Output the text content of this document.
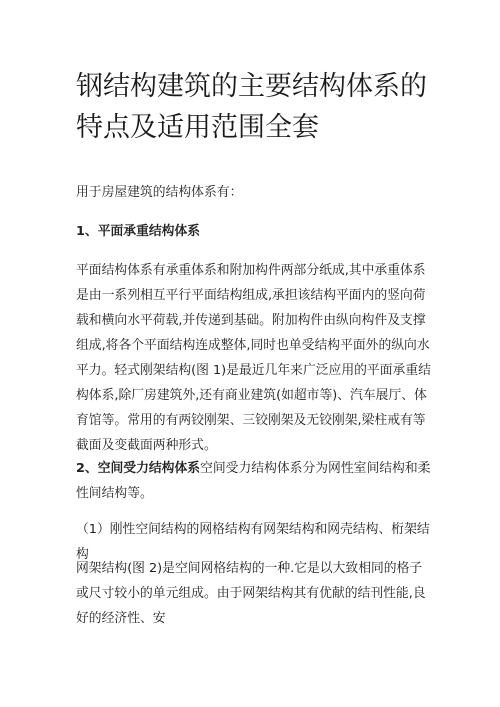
钢结构建筑的主要结构体系的特点及适用范围全套

用于房屋建筑的结构体系有：

1、平面承重结构体系

平面结构体系有承重体系和附加构件两部分纸成,其中承重体系是由一系列相互平行平面结构组成,承担该结构平面内的竖向荷载和横向水平荷载,并传递到基础。附加构件由纵向构件及支撑组成,将各个平面结构连成整体,同时也单受结构平面外的纵向水平力。轻式刚架结构(图 1)是最近几年来广泛应用的平面承重结构体系,除厂房建筑外,还有商业建筑(如超市等)、汽车展厅、体育馆等。常用的有两铰刚架、三铰刚架及无铰刚架,梁柱戒有等截面及变截面两种形式。

2、空间受力结构体系空间受力结构体系分为网性室间结构和柔性间结构等。

（1）刚性空间结构的网格结构有网架结构和网壳结构、桁架结构

网架结构(图 2)是空间网格结构的一种.它是以大致相同的格子或尺寸较小的单元组成。由于网架结构其有优献的结刊性能,良好的经济性、安
